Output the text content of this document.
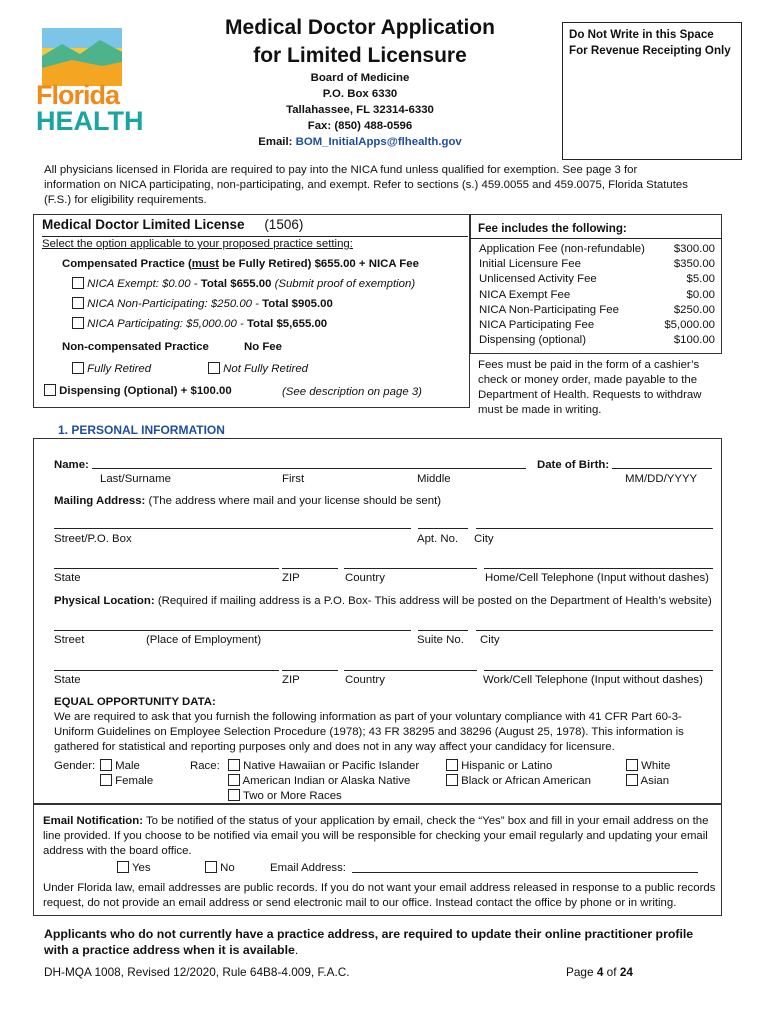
Florida
HEALTH
Medical Doctor Application
for Limited Licensure
Do Not Write in this Space
For Revenue Receipting Only
Board of Medicine
P.O. Box 6330
Tallahassee, FL 32314-6330
Fax: (850) 488-0596
Email: BOM_InitialApps@flhealth.gov
All physicians licensed in Florida are required to pay into the NICA fund unless qualified for exemption. See page 3 for
information on NICA participating, non-participating, and exempt. Refer to sections (s.) 459.0055 and 459.0075, Florida Statutes
(F.S.) for eligibility requirements.
Medical Doctor Limited License (1506)
Select the option applicable to your proposed practice setting:
Compensated Practice (must be Fully Retired) $655.00 + NICA Fee
NICA Exempt: $0.00 - Total $655.00 (Submit proof of exemption)
NICA Non-Participating: $250.00 - Total $905.00
NICA Participating: $5,000.00 - Total $5,655.00
Non-compensated Practice	No Fee
Fully Retired	Not Fully Retired
Dispensing (Optional) + $100.00	(See description on page 3)
Fee includes the following:
Application Fee (non-refundable)	$300.00
Initial Licensure Fee	$350.00
Unlicensed Activity Fee	$5.00
NICA Exempt Fee	$0.00
NICA Non-Participating Fee	$250.00
NICA Participating Fee	$5,000.00
Dispensing (optional)	$100.00
Fees must be paid in the form of a cashier’s
check or money order, made payable to the
Department of Health. Requests to withdraw
must be made in writing.
1. PERSONAL INFORMATION
Name:	Date of Birth:
Last/Surname	First	Middle	MM/DD/YYYY
Mailing Address: (The address where mail and your license should be sent)
Street/P.O. Box	Apt. No. City
State	ZIP	Country	Home/Cell Telephone (Input without dashes)
Physical Location: (Required if mailing address is a P.O. Box- This address will be posted on the Department of Health’s website)
Street	(Place of Employment)	Suite No. City
State	ZIP	Country	Work/Cell Telephone (Input without dashes)
EQUAL OPPORTUNITY DATA:
We are required to ask that you furnish the following information as part of your voluntary compliance with 41 CFR Part 60-3-
Uniform Guidelines on Employee Selection Procedure (1978); 43 FR 38295 and 38296 (August 25, 1978). This information is
gathered for statistical and reporting purposes only and does not in any way affect your candidacy for licensure.
Gender:	Male
Female
Race:	Native Hawaiian or Pacific Islander
American Indian or Alaska Native
Two or More Races
Hispanic or Latino
Black or African American
White
Asian
Email Notification: To be notified of the status of your application by email, check the “Yes” box and fill in your email address on the
line provided. If you choose to be notified via email you will be responsible for checking your email regularly and updating your email
address with the board office.
Yes	No	Email Address:
Under Florida law, email addresses are public records. If you do not want your email address released in response to a public records
request, do not provide an email address or send electronic mail to our office. Instead contact the office by phone or in writing.
Applicants who do not currently have a practice address, are required to update their online practitioner profile
with a practice address when it is available.
DH-MQA 1008, Revised 12/2020, Rule 64B8-4.009, F.A.C.	Page 4 of 24
